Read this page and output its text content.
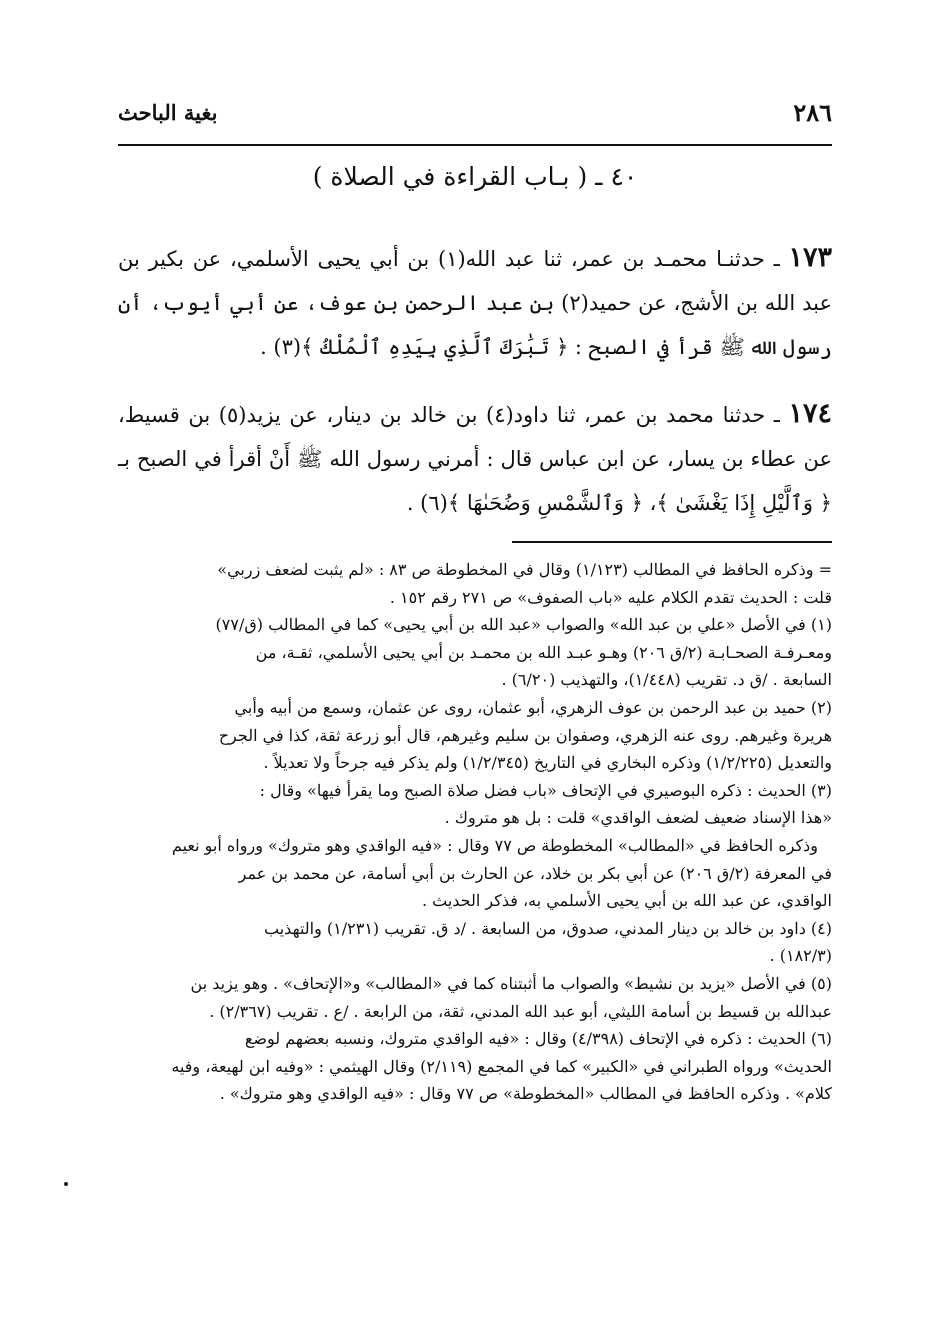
٢٨٦
بغية الباحث
٤٠ ـ ( بـاب القراءة في الصلاة )
١٧٣ ـ حدثنـا محمـد بن عمر، ثنا عبد الله(١) بن أبي يحيى الأسلمي، عن بكير بن عبد الله بن الأشج، عن حميد(٢) بن عبد الرحمن بن عوف، عن أبي أيوب، أن رسول الله ﷺ قرأ في الصبح : ﴿ تَبَٰرَكَ ٱلَّذِي بِيَدِهِ ٱلْمُلْكُ ﴾(٣) .
١٧٤ ـ حدثنا محمد بن عمر، ثنا داود(٤) بن خالد بن دينار، عن يزيد(٥) بن قسيط، عن عطاء بن يسار، عن ابن عباس قال : أمرني رسول الله ﷺ أَنْ أقرأ في الصبح بـ ﴿ وَٱلَّيْلِ إِذَا يَغْشَىٰ ﴾، ﴿ وَٱلشَّمْسِ وَضُحَىٰهَا ﴾(٦) .

= وذكره الحافظ في المطالب (١/١٢٣) وقال في المخطوطة ص ٨٣ : «لم يثبت لضعف زربي»

قلت : الحديث تقدم الكلام عليه «باب الصفوف» ص ٢٧١ رقم ١٥٢ .

(١) في الأصل «علي بن عبد الله» والصواب «عبد الله بن أبي يحيى» كما في المطالب (ق/٧٧)

ومعـرفـة الصحـابـة (٢/ق ٢٠٦) وهـو عبـد الله بن محمـد بن أبي يحيى الأسلمي، ثقـة، من

السابعة . /ق د. تقريب (١/٤٤٨)، والتهذيب (٦/٢٠) .

(٢) حميد بن عبد الرحمن بن عوف الزهري، أبو عثمان، روى عن عثمان، وسمع من أبيه وأبي

هريرة وغيرهم. روى عنه الزهري، وصفوان بن سليم وغيرهم، قال أبو زرعة ثقة، كذا في الجرح

والتعديل (١/٢/٢٢٥) وذكره البخاري في التاريخ (١/٢/٣٤٥) ولم يذكر فيه جرحاً ولا تعديلاً .

(٣) الحديث : ذكره البوصيري في الإتحاف «باب فضل صلاة الصبح وما يقرأ فيها» وقال :

«هذا الإسناد ضعيف لضعف الواقدي» قلت : بل هو متروك .

وذكره الحافظ في «المطالب» المخطوطة ص ٧٧ وقال : «فيه الواقدي وهو متروك» ورواه أبو نعيم

في المعرفة (٢/ق ٢٠٦) عن أبي بكر بن خلاد، عن الحارث بن أبي أسامة، عن محمد بن عمر

الواقدي، عن عبد الله بن أبي يحيى الأسلمي به، فذكر الحديث .

(٤) داود بن خالد بن دينار المدني، صدوق، من السابعة . /د ق. تقريب (١/٢٣١) والتهذيب

(١٨٢/٣) .

(٥) في الأصل «يزيد بن نشيط» والصواب ما أثبتناه كما في «المطالب» و«الإتحاف» . وهو يزيد بن

عبدالله بن قسيط بن أسامة الليثي، أبو عبد الله المدني، ثقة، من الرابعة . /ع . تقريب (٢/٣٦٧) .

(٦) الحديث : ذكره في الإتحاف (٤/٣٩٨) وقال : «فيه الواقدي متروك، ونسبه بعضهم لوضع

الحديث» ورواه الطبراني في «الكبير» كما في المجمع (٢/١١٩) وقال الهيثمي : «وفيه ابن لهيعة، وفيه

كلام» . وذكره الحافظ في المطالب «المخطوطة» ص ٧٧ وقال : «فيه الواقدي وهو متروك» .
